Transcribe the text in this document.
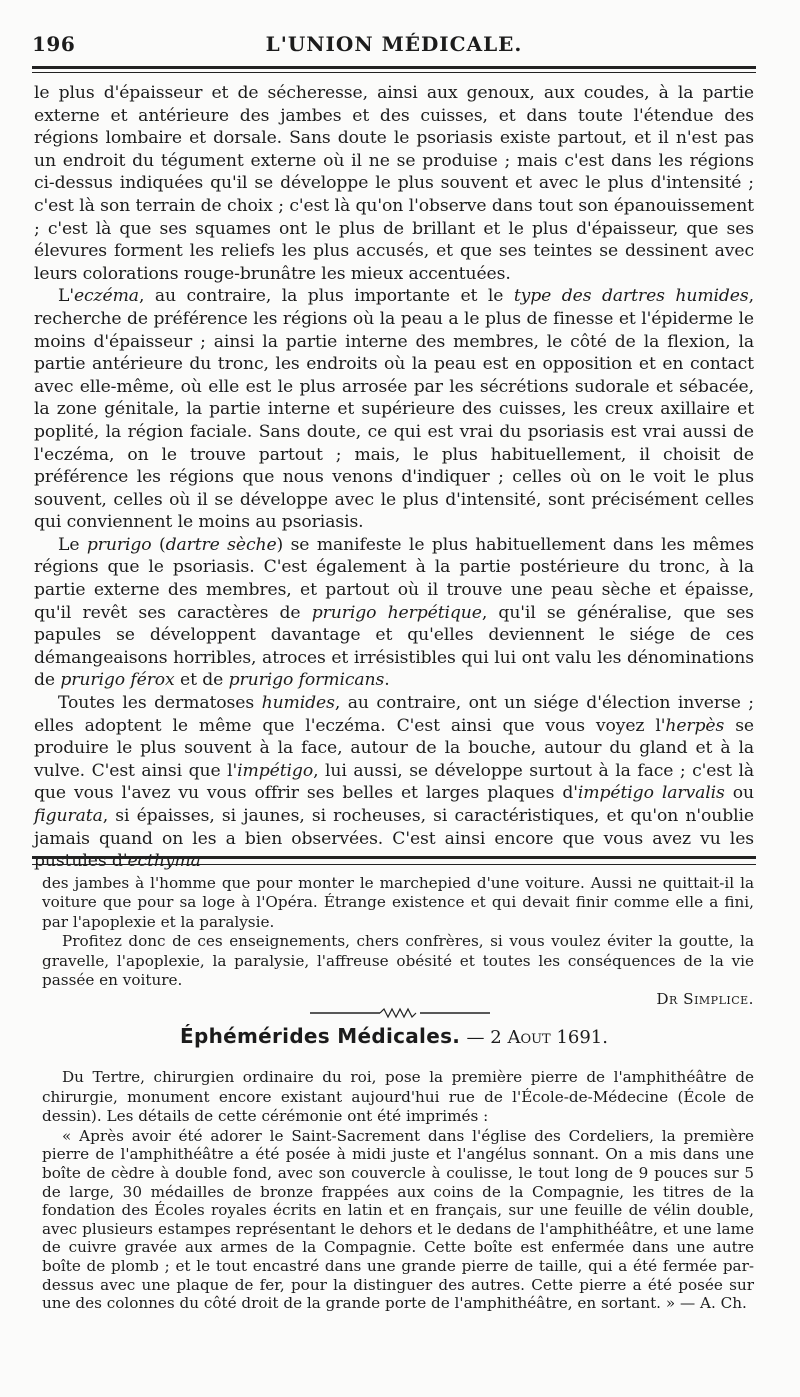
196	L'UNION MÉDICALE.

le plus d'épaisseur et de sécheresse, ainsi aux genoux, aux coudes, à la partie externe et antérieure des jambes et des cuisses, et dans toute l'étendue des régions lombaire et dorsale. Sans doute le psoriasis existe partout, et il n'est pas un endroit du tégument externe où il ne se produise ; mais c'est dans les régions ci-dessus indiquées qu'il se développe le plus souvent et avec le plus d'intensité ; c'est là son terrain de choix ; c'est là qu'on l'observe dans tout son épanouissement ; c'est là que ses squames ont le plus de brillant et le plus d'épaisseur, que ses élevures forment les reliefs les plus accusés, et que ses teintes se dessinent avec leurs colorations rouge-brunâtre les mieux accentuées.

L'eczéma, au contraire, la plus importante et le type des dartres humides, recherche de préférence les régions où la peau a le plus de finesse et l'épiderme le moins d'épaisseur ; ainsi la partie interne des membres, le côté de la flexion, la partie antérieure du tronc, les endroits où la peau est en opposition et en contact avec elle-même, où elle est le plus arrosée par les sécrétions sudorale et sébacée, la zone génitale, la partie interne et supérieure des cuisses, les creux axillaire et poplité, la région faciale. Sans doute, ce qui est vrai du psoriasis est vrai aussi de l'eczéma, on le trouve partout ; mais, le plus habituellement, il choisit de préférence les régions que nous venons d'indiquer ; celles où on le voit le plus souvent, celles où il se développe avec le plus d'intensité, sont précisément celles qui conviennent le moins au psoriasis.

Le prurigo (dartre sèche) se manifeste le plus habituellement dans les mêmes régions que le psoriasis. C'est également à la partie postérieure du tronc, à la partie externe des membres, et partout où il trouve une peau sèche et épaisse, qu'il revêt ses caractères de prurigo herpétique, qu'il se généralise, que ses papules se développent davantage et qu'elles deviennent le siége de ces démangeaisons horribles, atroces et irrésistibles qui lui ont valu les dénominations de prurigo férox et de prurigo formicans.

Toutes les dermatoses humides, au contraire, ont un siége d'élection inverse ; elles adoptent le même que l'eczéma. C'est ainsi que vous voyez l'herpès se produire le plus souvent à la face, autour de la bouche, autour du gland et à la vulve. C'est ainsi que l'impétigo, lui aussi, se développe surtout à la face ; c'est là que vous l'avez vu vous offrir ses belles et larges plaques d'impétigo larvalis ou figurata, si épaisses, si jaunes, si rocheuses, si caractéristiques, et qu'on n'oublie jamais quand on les a bien observées. C'est ainsi encore que vous avez vu les pustules d'ecthyma

des jambes à l'homme que pour monter le marchepied d'une voiture. Aussi ne quittait-il la voiture que pour sa loge à l'Opéra. Étrange existence et qui devait finir comme elle a fini, par l'apoplexie et la paralysie.

Profitez donc de ces enseignements, chers confrères, si vous voulez éviter la goutte, la gravelle, l'apoplexie, la paralysie, l'affreuse obésité et toutes les conséquences de la vie passée en voiture.

Dr Simplice.
Éphémérides Médicales. — 2 Aout 1691.

Du Tertre, chirurgien ordinaire du roi, pose la première pierre de l'amphithéâtre de chirurgie, monument encore existant aujourd'hui rue de l'École-de-Médecine (École de dessin). Les détails de cette cérémonie ont été imprimés :

« Après avoir été adorer le Saint-Sacrement dans l'église des Cordeliers, la première pierre de l'amphithéâtre a été posée à midi juste et l'angélus sonnant. On a mis dans une boîte de cèdre à double fond, avec son couvercle à coulisse, le tout long de 9 pouces sur 5 de large, 30 médailles de bronze frappées aux coins de la Compagnie, les titres de la fondation des Écoles royales écrits en latin et en français, sur une feuille de vélin double, avec plusieurs estampes représentant le dehors et le dedans de l'amphithéâtre, et une lame de cuivre gravée aux armes de la Compagnie. Cette boîte est enfermée dans une autre boîte de plomb ; et le tout encastré dans une grande pierre de taille, qui a été fermée par-dessus avec une plaque de fer, pour la distinguer des autres. Cette pierre a été posée sur une des colonnes du côté droit de la grande porte de l'amphithéâtre, en sortant. » — A. Ch.
